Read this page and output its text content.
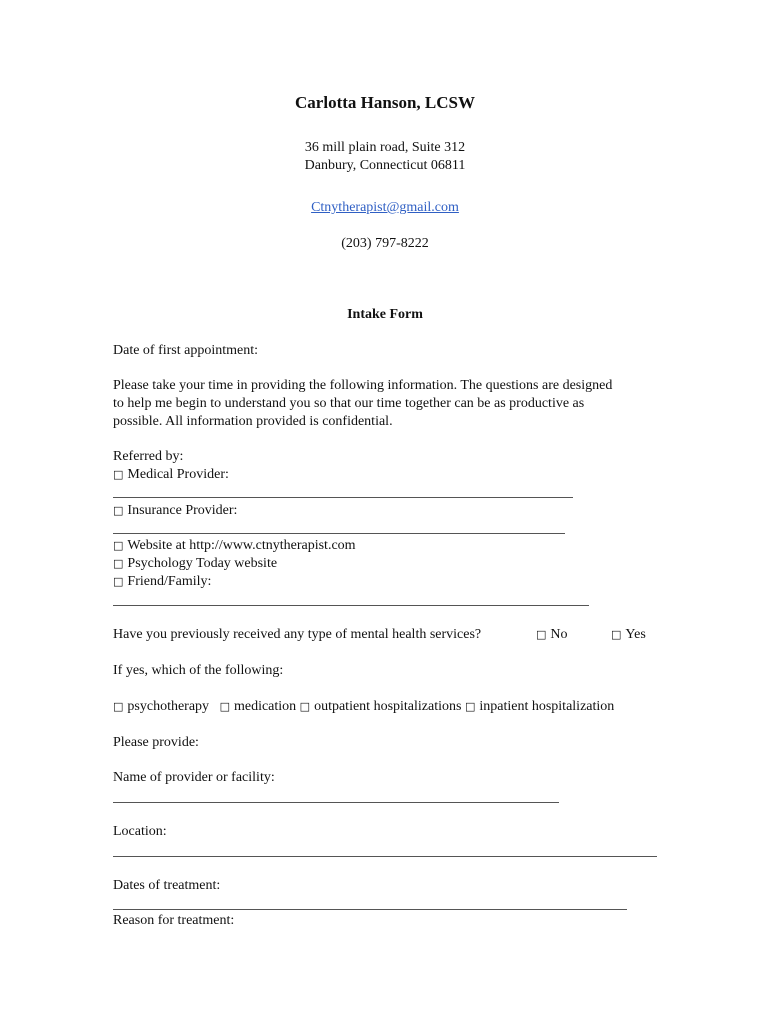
Carlotta Hanson, LCSW
36 mill plain road, Suite 312
Danbury, Connecticut 06811
Ctnytherapist@gmail.com
(203) 797-8222
Intake Form
Date of first appointment:
Please take your time in providing the following information. The questions are designed
to help me begin to understand you so that our time together can be as productive as
possible. All information provided is confidential.
Referred by:
□ Medical Provider:
□ Insurance Provider:
□ Website at http://www.ctnytherapist.com
□ Psychology Today website
□ Friend/Family:
Have you previously received any type of mental health services?	□ No	□ Yes
If yes, which of the following:
□ psychotherapy □ medication □ outpatient hospitalizations □ inpatient hospitalization
Please provide:
Name of provider or facility:
Location:
Dates of treatment:
Reason for treatment:
